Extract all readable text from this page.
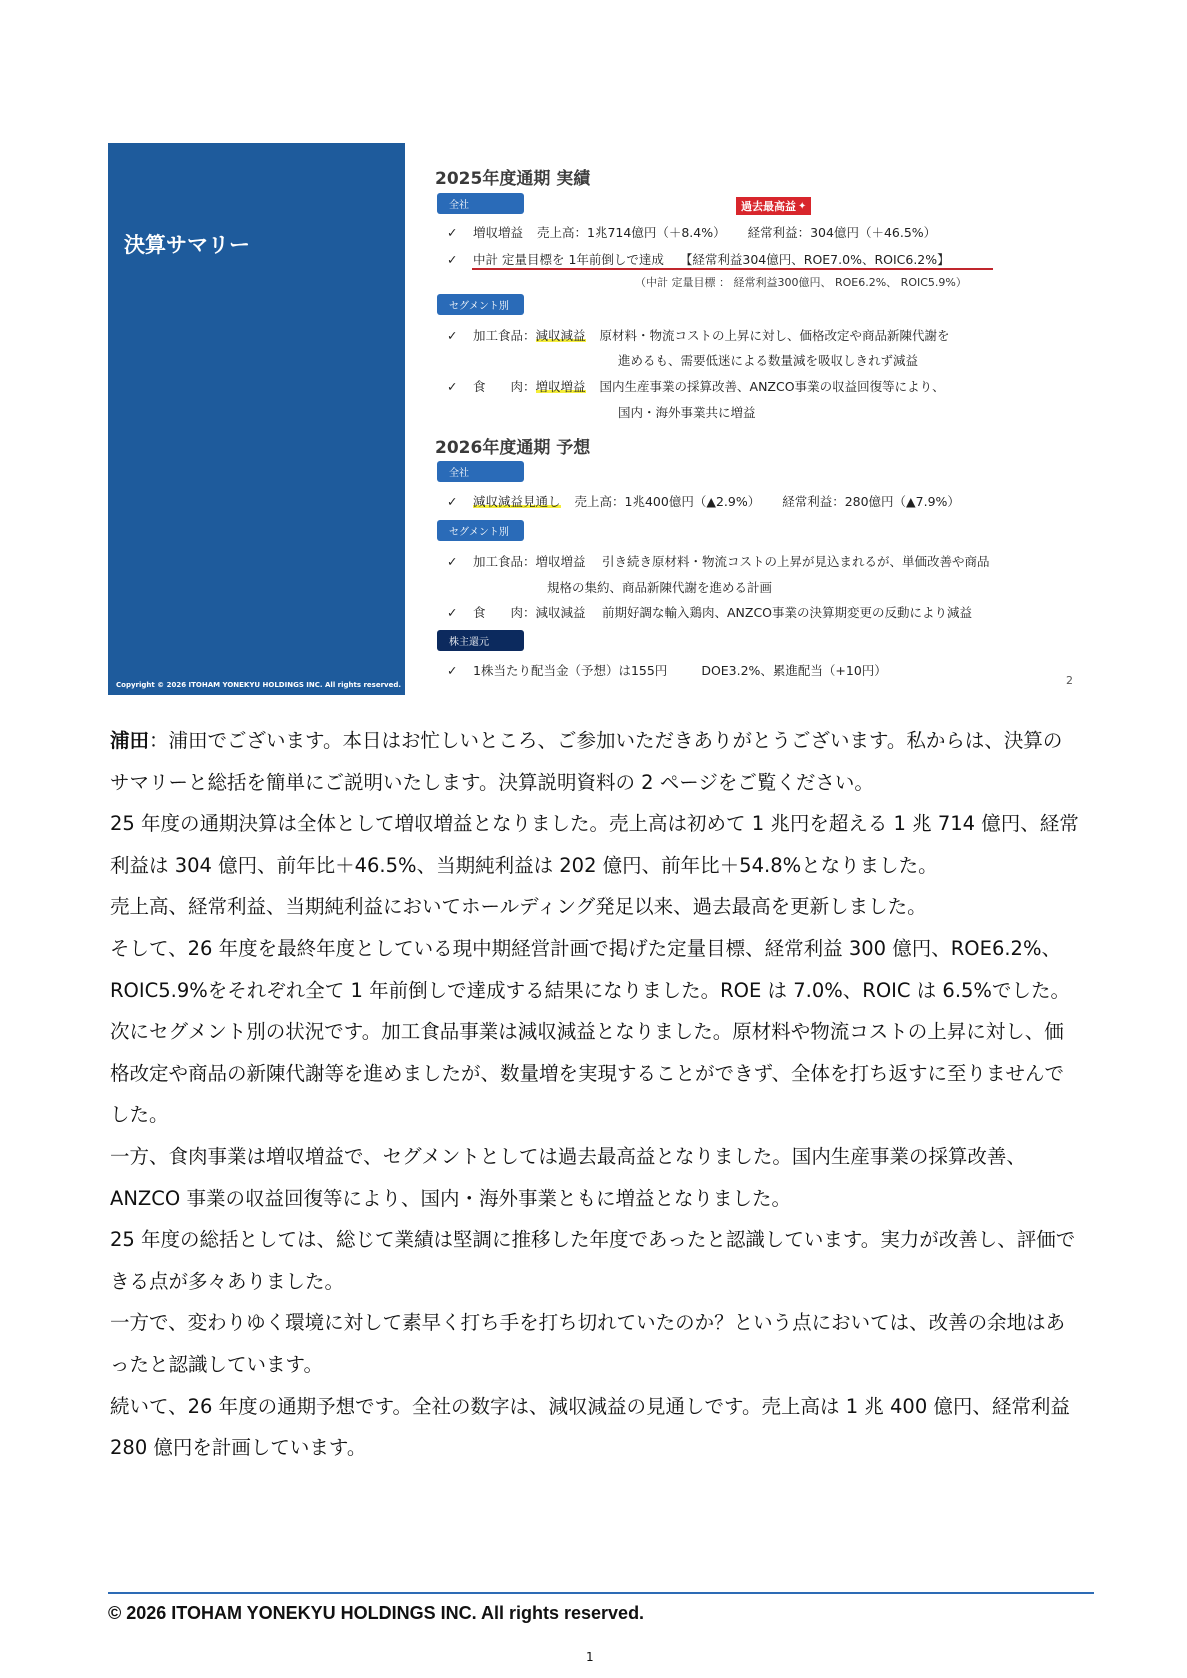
決算サマリー
Copyright © 2026 ITOHAM YONEKYU HOLDINGS INC. All rights reserved.
2025年度通期 実績
全社	過去最高益 ✦
✓ 増収増益 売上高：1兆714億円（＋8.4%） 経常利益：304億円（＋46.5%）
✓ 中計 定量目標を 1年前倒しで達成 【経常利益304億円、ROE7.0%、ROIC6.2%】
（中計 定量目標 ： 経常利益300億円、 ROE6.2%、 ROIC5.9%）
セグメント別
✓ 加工食品：減収減益 原材料・物流コストの上昇に対し、価格改定や商品新陳代謝を
進めるも、需要低迷による数量減を吸収しきれず減益
✓ 食　　肉：増収増益 国内生産事業の採算改善、ANZCO事業の収益回復等により、
国内・海外事業共に増益
2026年度通期 予想
全社
✓ 減収減益見通し 売上高：1兆400億円（▲2.9%） 経常利益：280億円（▲7.9%）
セグメント別
✓ 加工食品：増収増益　 引き続き原材料・物流コストの上昇が見込まれるが、単価改善や商品
規格の集約、商品新陳代謝を進める計画
✓ 食　　肉：減収減益　 前期好調な輸入鶏肉、ANZCO事業の決算期変更の反動により減益
株主還元
✓ 1株当たり配当金（予想）は155円	DOE3.2%、累進配当（+10円）
2

浦田：浦田でございます。本日はお忙しいところ、ご参加いただきありがとうございます。私からは、決算のサマリーと総括を簡単にご説明いたします。決算説明資料の 2 ページをご覧ください。

25 年度の通期決算は全体として増収増益となりました。売上高は初めて 1 兆円を超える 1 兆 714 億円、経常利益は 304 億円、前年比＋46.5%、当期純利益は 202 億円、前年比＋54.8%となりました。

売上高、経常利益、当期純利益においてホールディング発足以来、過去最高を更新しました。

そして、26 年度を最終年度としている現中期経営計画で掲げた定量目標、経常利益 300 億円、ROE6.2%、ROIC5.9%をそれぞれ全て 1 年前倒しで達成する結果になりました。ROE は 7.0%、ROIC は 6.5%でした。

次にセグメント別の状況です。加工食品事業は減収減益となりました。原材料や物流コストの上昇に対し、価格改定や商品の新陳代謝等を進めましたが、数量増を実現することができず、全体を打ち返すに至りませんでした。

一方、食肉事業は増収増益で、セグメントとしては過去最高益となりました。国内生産事業の採算改善、ANZCO 事業の収益回復等により、国内・海外事業ともに増益となりました。

25 年度の総括としては、総じて業績は堅調に推移した年度であったと認識しています。実力が改善し、評価できる点が多々ありました。

一方で、変わりゆく環境に対して素早く打ち手を打ち切れていたのか？という点においては、改善の余地はあったと認識しています。

続いて、26 年度の通期予想です。全社の数字は、減収減益の見通しです。売上高は 1 兆 400 億円、経常利益 280 億円を計画しています。

© 2026 ITOHAM YONEKYU HOLDINGS INC. All rights reserved.
1
